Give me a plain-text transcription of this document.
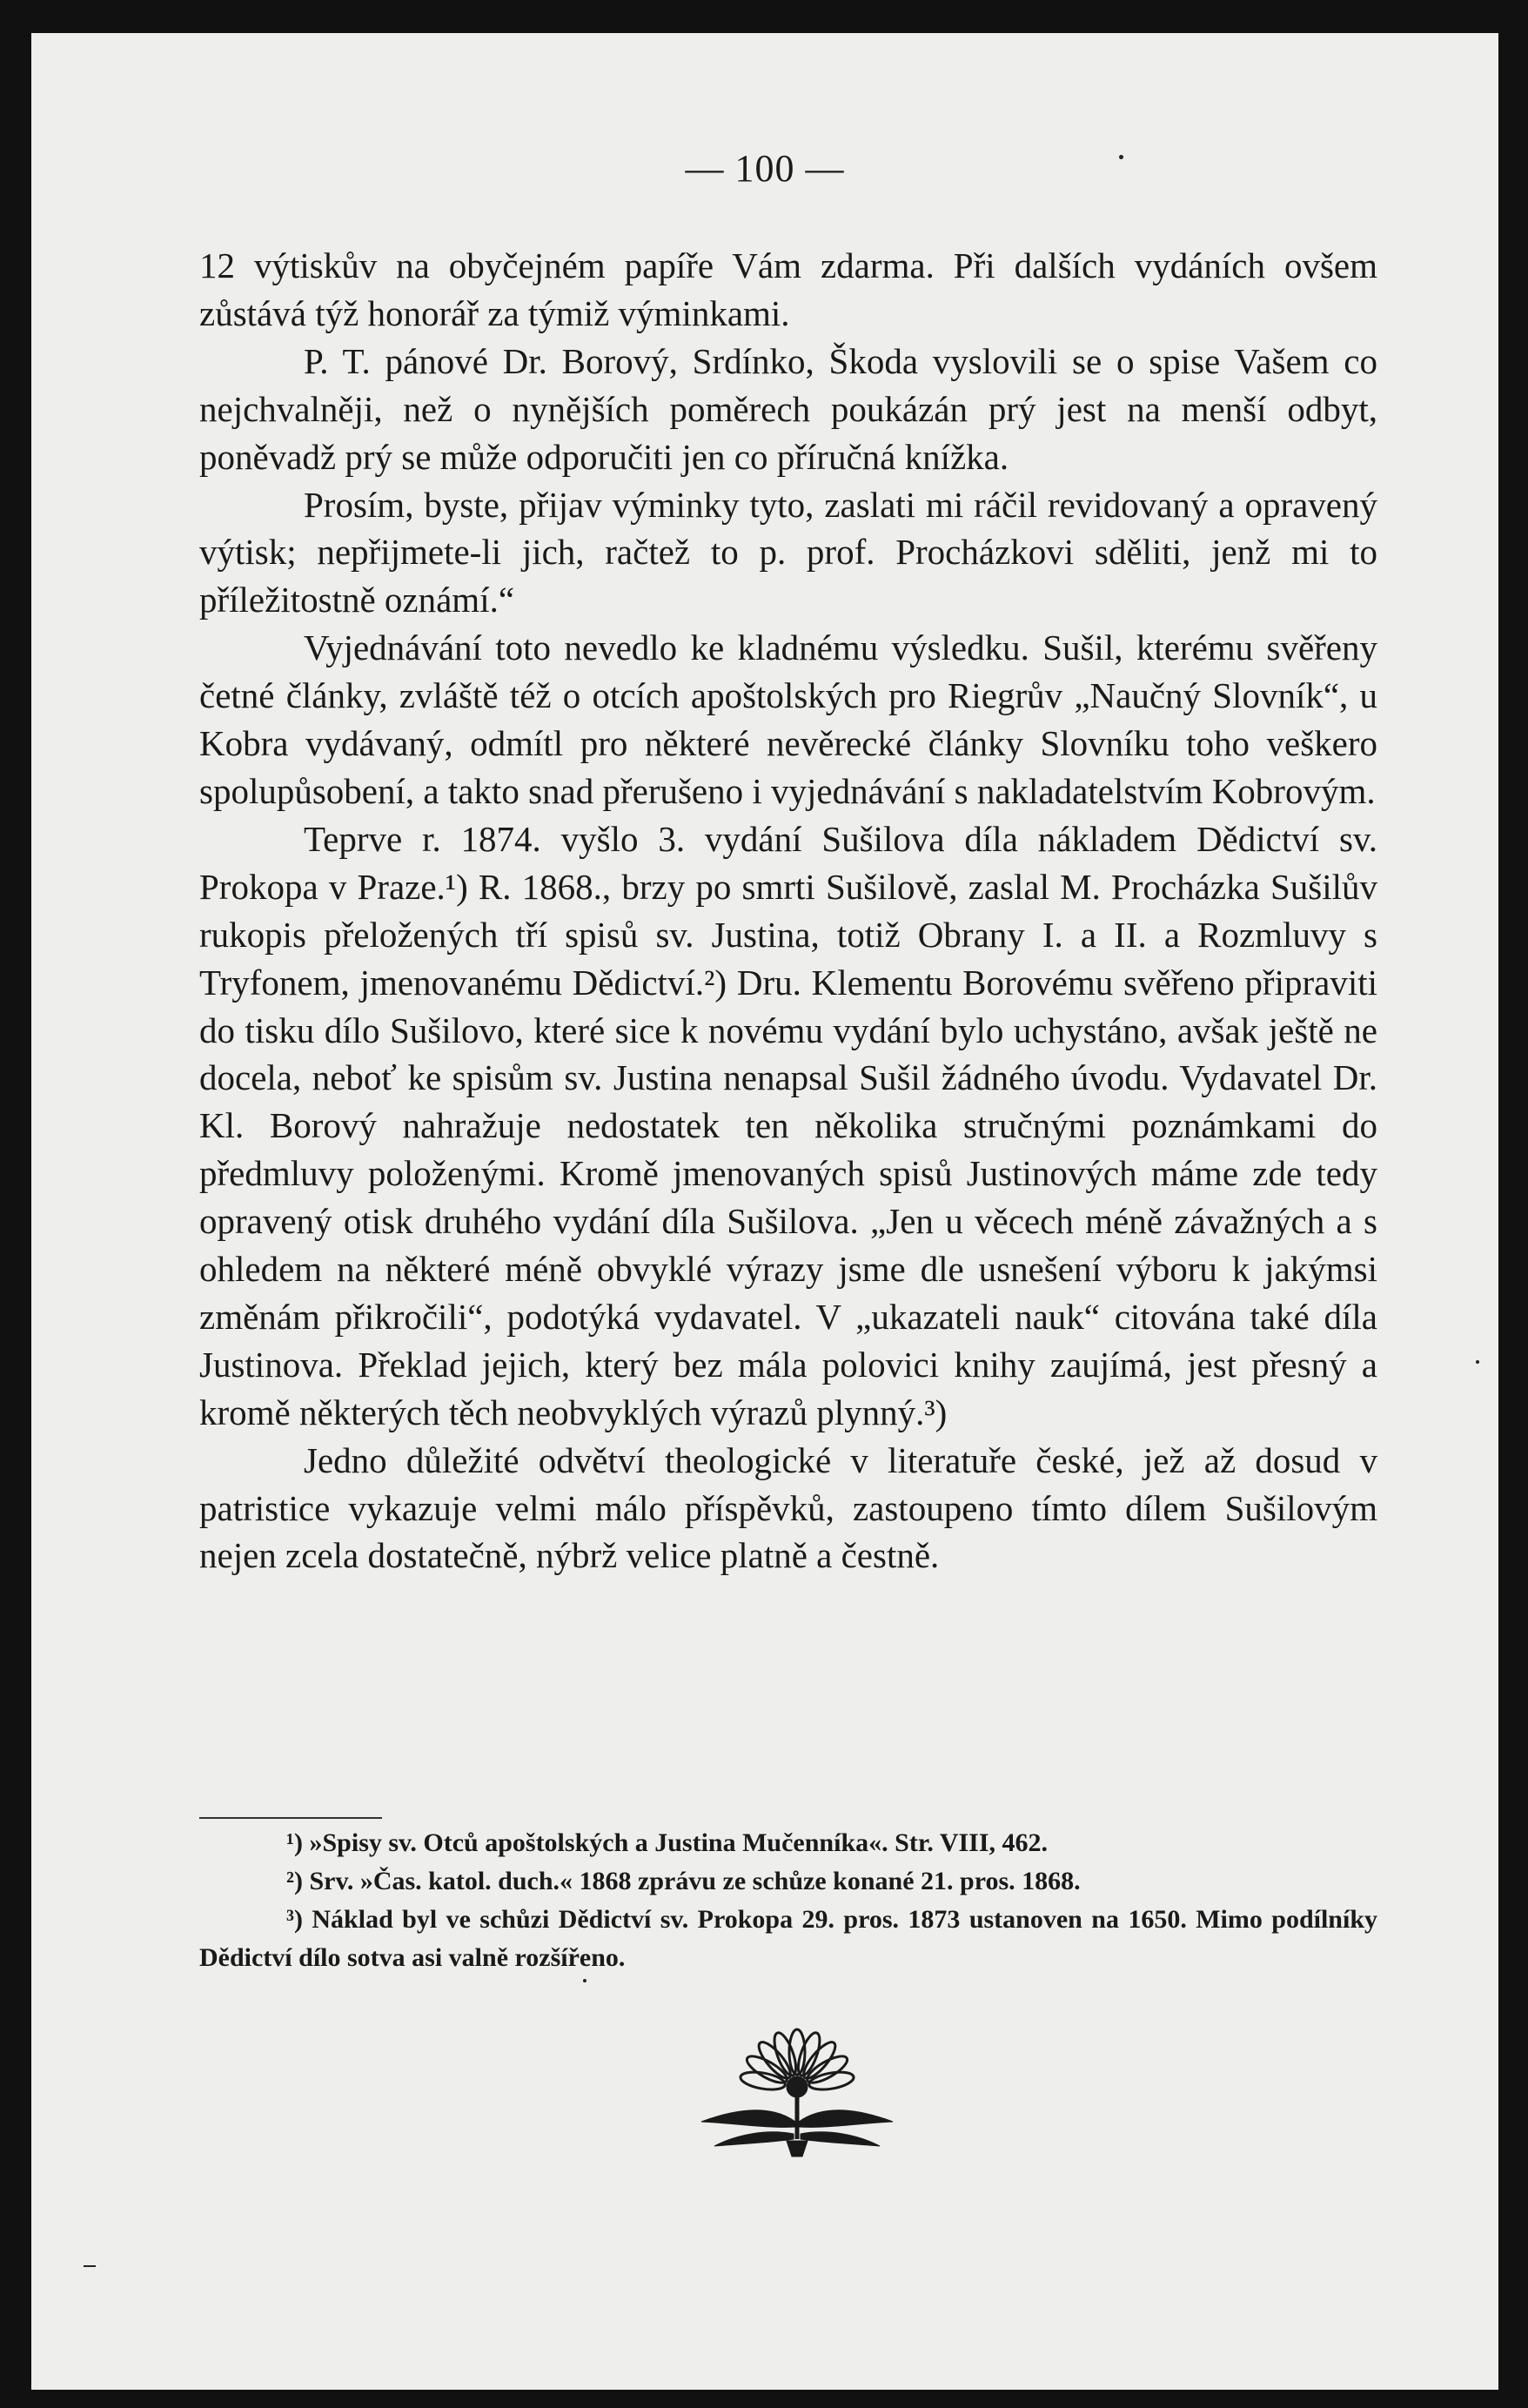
— 100 —

12 výtiskův na obyčejném papíře Vám zdarma. Při dalších vydáních ovšem zůstává týž honorář za týmiž výminkami.

P. T. pánové Dr. Borový, Srdínko, Škoda vyslovili se o spise Vašem co nejchvalněji, než o nynějších poměrech poukázán prý jest na menší odbyt, poněvadž prý se může odporučiti jen co příručná knížka.

Prosím, byste, přijav výminky tyto, zaslati mi ráčil revidovaný a opravený výtisk; nepřijmete-li jich, račtež to p. prof. Procházkovi sděliti, jenž mi to příležitostně oznámí.“

Vyjednávání toto nevedlo ke kladnému výsledku. Sušil, kterému svěřeny četné články, zvláště též o otcích apoštolských pro Riegrův „Naučný Slovník“, u Kobra vydávaný, odmítl pro některé nevěrecké články Slovníku toho veškero spolupůsobení, a takto snad přerušeno i vyjednávání s nakladatelstvím Kobrovým.

Teprve r. 1874. vyšlo 3. vydání Sušilova díla nákladem Dědictví sv. Prokopa v Praze.¹) R. 1868., brzy po smrti Sušilově, zaslal M. Procházka Sušilův rukopis přeložených tří spisů sv. Justina, totiž Obrany I. a II. a Rozmluvy s Tryfonem, jmenovanému Dědictví.²) Dru. Klementu Borovému svěřeno připraviti do tisku dílo Sušilovo, které sice k novému vydání bylo uchystáno, avšak ještě ne docela, neboť ke spisům sv. Justina nenapsal Sušil žádného úvodu. Vydavatel Dr. Kl. Borový nahražuje nedostatek ten několika stručnými poznámkami do předmluvy položenými. Kromě jmenovaných spisů Justinových máme zde tedy opravený otisk druhého vydání díla Sušilova. „Jen u věcech méně závažných a s ohledem na některé méně obvyklé výrazy jsme dle usnešení výboru k jakýmsi změnám přikročili“, podotýká vydavatel. V „ukazateli nauk“ citována také díla Justinova. Překlad jejich, který bez mála polovici knihy zaujímá, jest přesný a kromě některých těch neobvyklých výrazů plynný.³)

Jedno důležité odvětví theologické v literatuře české, jež až dosud v patristice vykazuje velmi málo příspěvků, zastoupeno tímto dílem Sušilovým nejen zcela dostatečně, nýbrž velice platně a čestně.

¹) »Spisy sv. Otců apoštolských a Justina Mučenníka«. Str. VIII, 462.

²) Srv. »Čas. katol. duch.« 1868 zprávu ze schůze konané 21. pros. 1868.

³) Náklad byl ve schůzi Dědictví sv. Prokopa 29. pros. 1873 ustanoven na 1650. Mimo podílníky Dědictví dílo sotva asi valně rozšířeno.
